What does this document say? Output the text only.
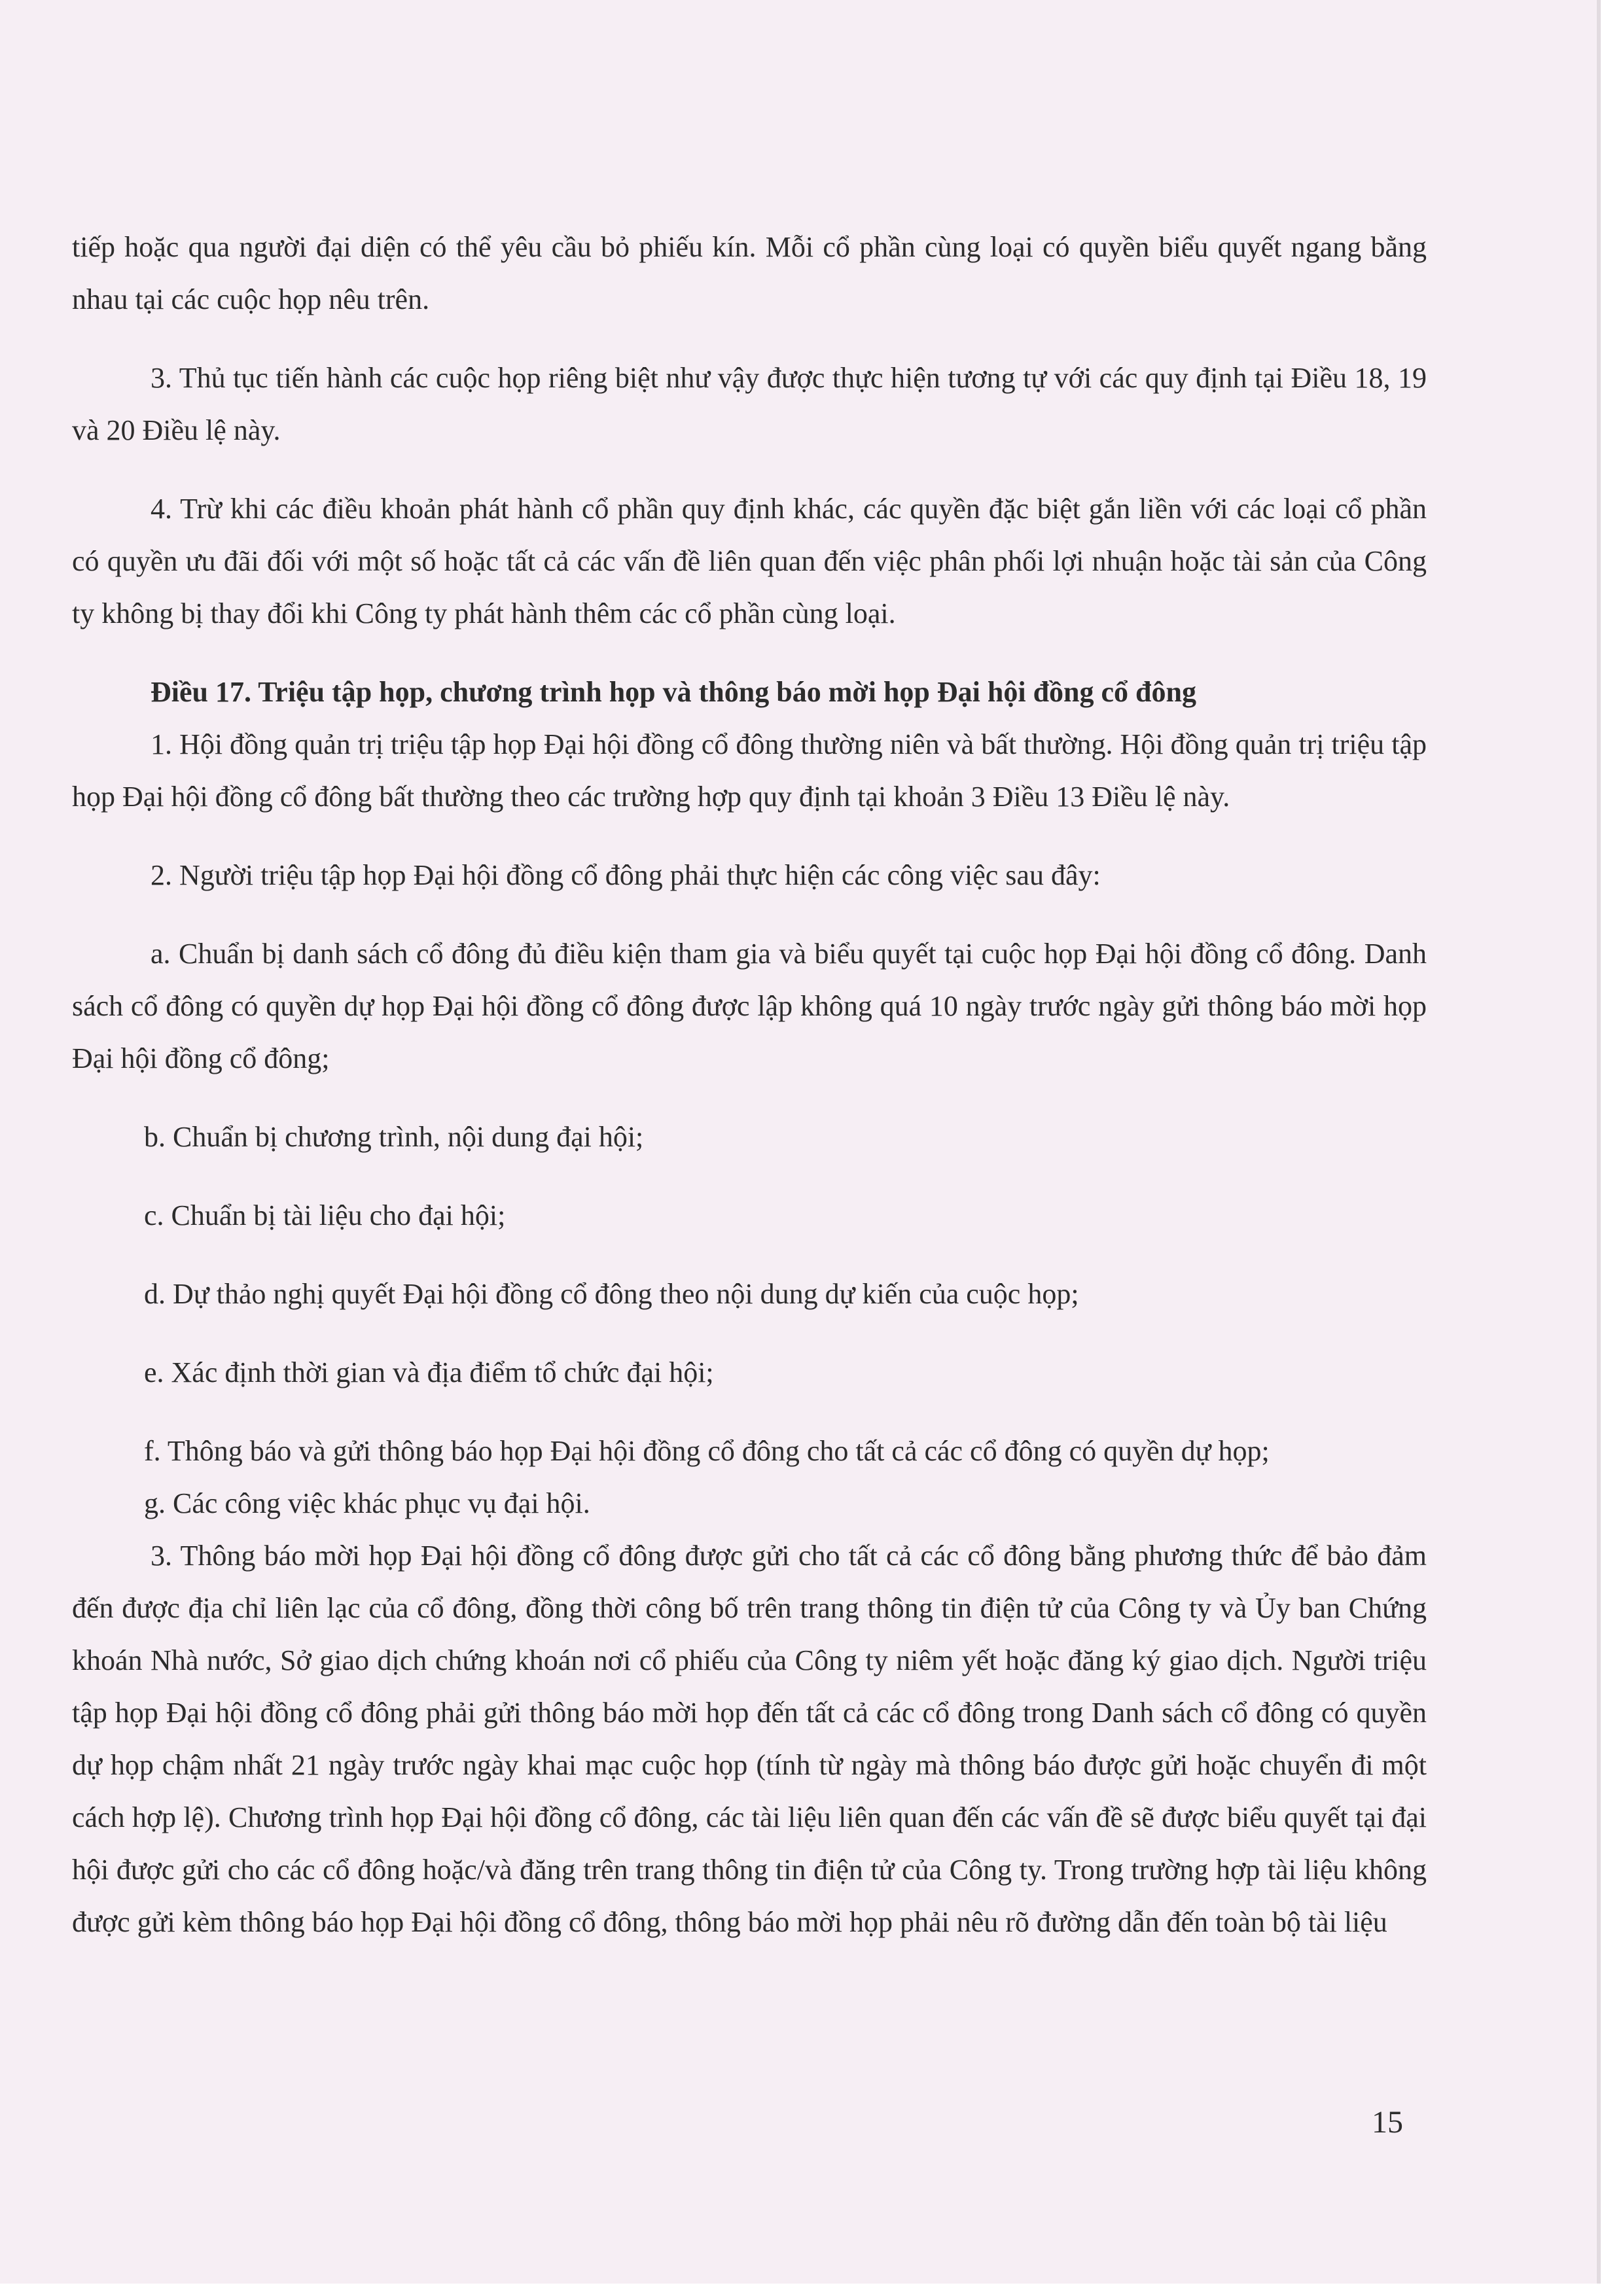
tiếp hoặc qua người đại diện có thể yêu cầu bỏ phiếu kín. Mỗi cổ phần cùng loại có quyền biểu quyết ngang bằng nhau tại các cuộc họp nêu trên.

3. Thủ tục tiến hành các cuộc họp riêng biệt như vậy được thực hiện tương tự với các quy định tại Điều 18, 19 và 20 Điều lệ này.

4. Trừ khi các điều khoản phát hành cổ phần quy định khác, các quyền đặc biệt gắn liền với các loại cổ phần có quyền ưu đãi đối với một số hoặc tất cả các vấn đề liên quan đến việc phân phối lợi nhuận hoặc tài sản của Công ty không bị thay đổi khi Công ty phát hành thêm các cổ phần cùng loại.

Điều 17. Triệu tập họp, chương trình họp và thông báo mời họp Đại hội đồng cổ đông

1. Hội đồng quản trị triệu tập họp Đại hội đồng cổ đông thường niên và bất thường. Hội đồng quản trị triệu tập họp Đại hội đồng cổ đông bất thường theo các trường hợp quy định tại khoản 3 Điều 13 Điều lệ này.

2. Người triệu tập họp Đại hội đồng cổ đông phải thực hiện các công việc sau đây:

a. Chuẩn bị danh sách cổ đông đủ điều kiện tham gia và biểu quyết tại cuộc họp Đại hội đồng cổ đông. Danh sách cổ đông có quyền dự họp Đại hội đồng cổ đông được lập không quá 10 ngày trước ngày gửi thông báo mời họp Đại hội đồng cổ đông;

b. Chuẩn bị chương trình, nội dung đại hội;

c. Chuẩn bị tài liệu cho đại hội;

d. Dự thảo nghị quyết Đại hội đồng cổ đông theo nội dung dự kiến của cuộc họp;

e. Xác định thời gian và địa điểm tổ chức đại hội;

f. Thông báo và gửi thông báo họp Đại hội đồng cổ đông cho tất cả các cổ đông có quyền dự họp;

g. Các công việc khác phục vụ đại hội.

3. Thông báo mời họp Đại hội đồng cổ đông được gửi cho tất cả các cổ đông bằng phương thức để bảo đảm đến được địa chỉ liên lạc của cổ đông, đồng thời công bố trên trang thông tin điện tử của Công ty và Ủy ban Chứng khoán Nhà nước, Sở giao dịch chứng khoán nơi cổ phiếu của Công ty niêm yết hoặc đăng ký giao dịch. Người triệu tập họp Đại hội đồng cổ đông phải gửi thông báo mời họp đến tất cả các cổ đông trong Danh sách cổ đông có quyền dự họp chậm nhất 21 ngày trước ngày khai mạc cuộc họp (tính từ ngày mà thông báo được gửi hoặc chuyển đi một cách hợp lệ). Chương trình họp Đại hội đồng cổ đông, các tài liệu liên quan đến các vấn đề sẽ được biểu quyết tại đại hội được gửi cho các cổ đông hoặc/và đăng trên trang thông tin điện tử của Công ty. Trong trường hợp tài liệu không được gửi kèm thông báo họp Đại hội đồng cổ đông, thông báo mời họp phải nêu rõ đường dẫn đến toàn bộ tài liệu

15
